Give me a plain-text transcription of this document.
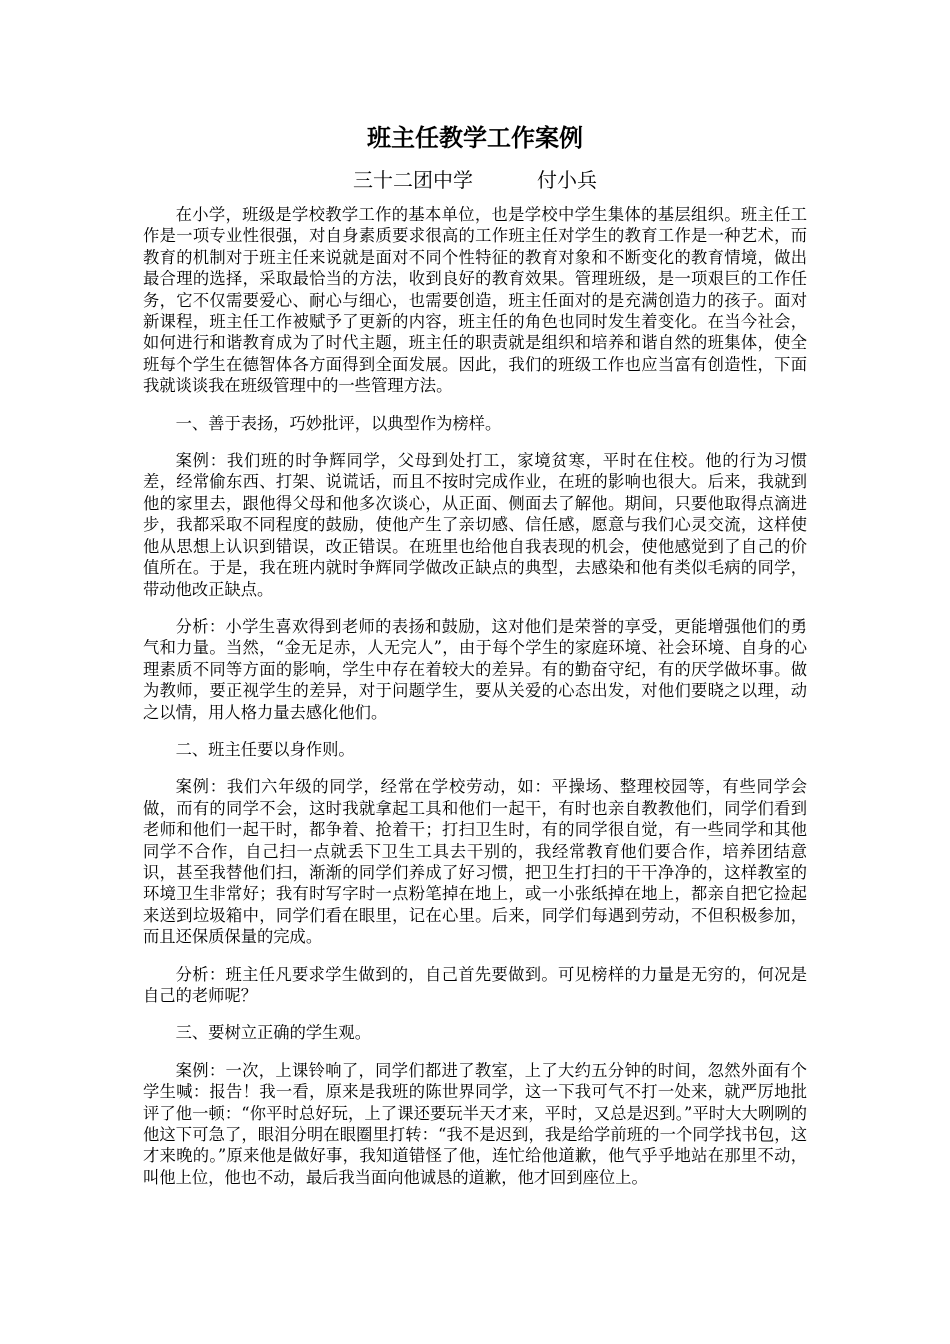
班主任教学工作案例
三十二团中学	付小兵

在小学，班级是学校教学工作的基本单位，也是学校中学生集体的基层组织。班主任工作是一项专业性很强，对自身素质要求很高的工作班主任对学生的教育工作是一种艺术，而教育的机制对于班主任来说就是面对不同个性特征的教育对象和不断变化的教育情境，做出最合理的选择，采取最恰当的方法，收到良好的教育效果。管理班级，是一项艰巨的工作任务，它不仅需要爱心、耐心与细心，也需要创造，班主任面对的是充满创造力的孩子。面对新课程，班主任工作被赋予了更新的内容，班主任的角色也同时发生着变化。在当今社会，如何进行和谐教育成为了时代主题，班主任的职责就是组织和培养和谐自然的班集体，使全班每个学生在德智体各方面得到全面发展。因此，我们的班级工作也应当富有创造性，下面我就谈谈我在班级管理中的一些管理方法。

一、善于表扬，巧妙批评，以典型作为榜样。

案例：我们班的时争辉同学，父母到处打工，家境贫寒，平时在住校。他的行为习惯差，经常偷东西、打架、说谎话，而且不按时完成作业，在班的影响也很大。后来，我就到他的家里去，跟他得父母和他多次谈心，从正面、侧面去了解他。期间，只要他取得点滴进步，我都采取不同程度的鼓励，使他产生了亲切感、信任感，愿意与我们心灵交流，这样使他从思想上认识到错误，改正错误。在班里也给他自我表现的机会，使他感觉到了自己的价值所在。于是，我在班内就时争辉同学做改正缺点的典型，去感染和他有类似毛病的同学，带动他改正缺点。

分析：小学生喜欢得到老师的表扬和鼓励，这对他们是荣誉的享受，更能增强他们的勇气和力量。当然，“金无足赤，人无完人”，由于每个学生的家庭环境、社会环境、自身的心理素质不同等方面的影响，学生中存在着较大的差异。有的勤奋守纪，有的厌学做坏事。做为教师，要正视学生的差异，对于问题学生，要从关爱的心态出发，对他们要晓之以理，动之以情，用人格力量去感化他们。

二、班主任要以身作则。

案例：我们六年级的同学，经常在学校劳动，如：平操场、整理校园等，有些同学会做，而有的同学不会，这时我就拿起工具和他们一起干，有时也亲自教教他们，同学们看到老师和他们一起干时，都争着、抢着干；打扫卫生时，有的同学很自觉，有一些同学和其他同学不合作，自己扫一点就丢下卫生工具去干别的，我经常教育他们要合作，培养团结意识，甚至我替他们扫，渐渐的同学们养成了好习惯，把卫生打扫的干干净净的，这样教室的环境卫生非常好；我有时写字时一点粉笔掉在地上，或一小张纸掉在地上，都亲自把它捡起来送到垃圾箱中，同学们看在眼里，记在心里。后来，同学们每遇到劳动，不但积极参加，而且还保质保量的完成。

分析：班主任凡要求学生做到的，自己首先要做到。可见榜样的力量是无穷的，何况是自己的老师呢？

三、要树立正确的学生观。

案例：一次，上课铃响了，同学们都进了教室，上了大约五分钟的时间，忽然外面有个学生喊：报告！我一看，原来是我班的陈世界同学，这一下我可气不打一处来，就严厉地批评了他一顿：“你平时总好玩，上了课还要玩半天才来，平时，又总是迟到。”平时大大咧咧的他这下可急了，眼泪分明在眼圈里打转：“我不是迟到，我是给学前班的一个同学找书包，这才来晚的。”原来他是做好事，我知道错怪了他，连忙给他道歉，他气乎乎地站在那里不动，叫他上位，他也不动，最后我当面向他诚恳的道歉，他才回到座位上。
